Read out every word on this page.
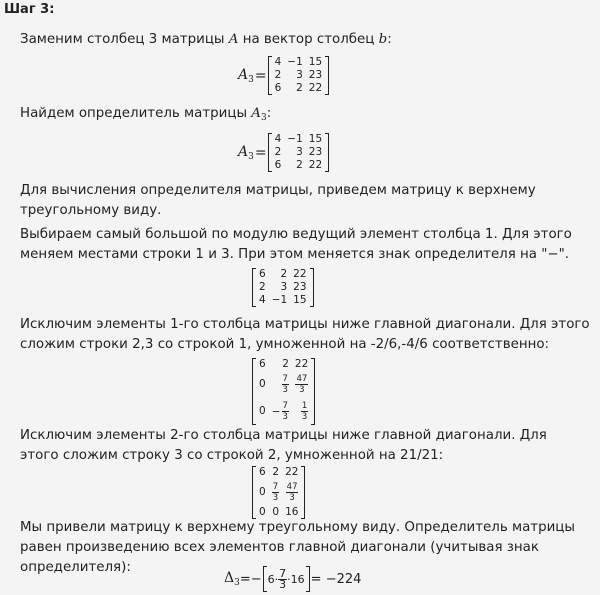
Шаг 3:

Заменим столбец 3 матрицы A на вектор столбец b:

$A_3$ =
4	−1	15
2	3	23
6	2	22

Найдем определитель матрицы $A_3$:

$A_3$ =
4	−1	15
2	3	23
6	2	22

Для вычисления определителя матрицы, приведем матрицу к верхнему треугольному виду.

Выбираем самый большой по модулю ведущий элемент столбца 1. Для этого меняем местами строки 1 и 3. При этом меняется знак определителя на "−".

6	2	22
2	3	23
4	−1	15

Исключим элементы 1-го столбца матрицы ниже главной диагонали. Для этого сложим строки 2,3 со строкой 1, умноженной на -2/6,-4/6 соответственно:

6	2	22
0	$\frac{7}{3}$	$\frac{47}{3}$

0	− $\frac{7}{3}$	$\frac{1}{3}$

Исключим элементы 2-го столбца матрицы ниже главной диагонали. Для этого сложим строку 3 со строкой 2, умноженной на 21/21:

6	2	22
0	$\frac{7}{3}$	$\frac{47}{3}$

0	0	16

Мы привели матрицу к верхнему треугольному виду. Определитель матрицы равен произведению всех элементов главной диагонали (учитывая знак определителя):

$\Delta_3$ = − $6 \cdot \frac{7}{3} \cdot 16 = -224$
